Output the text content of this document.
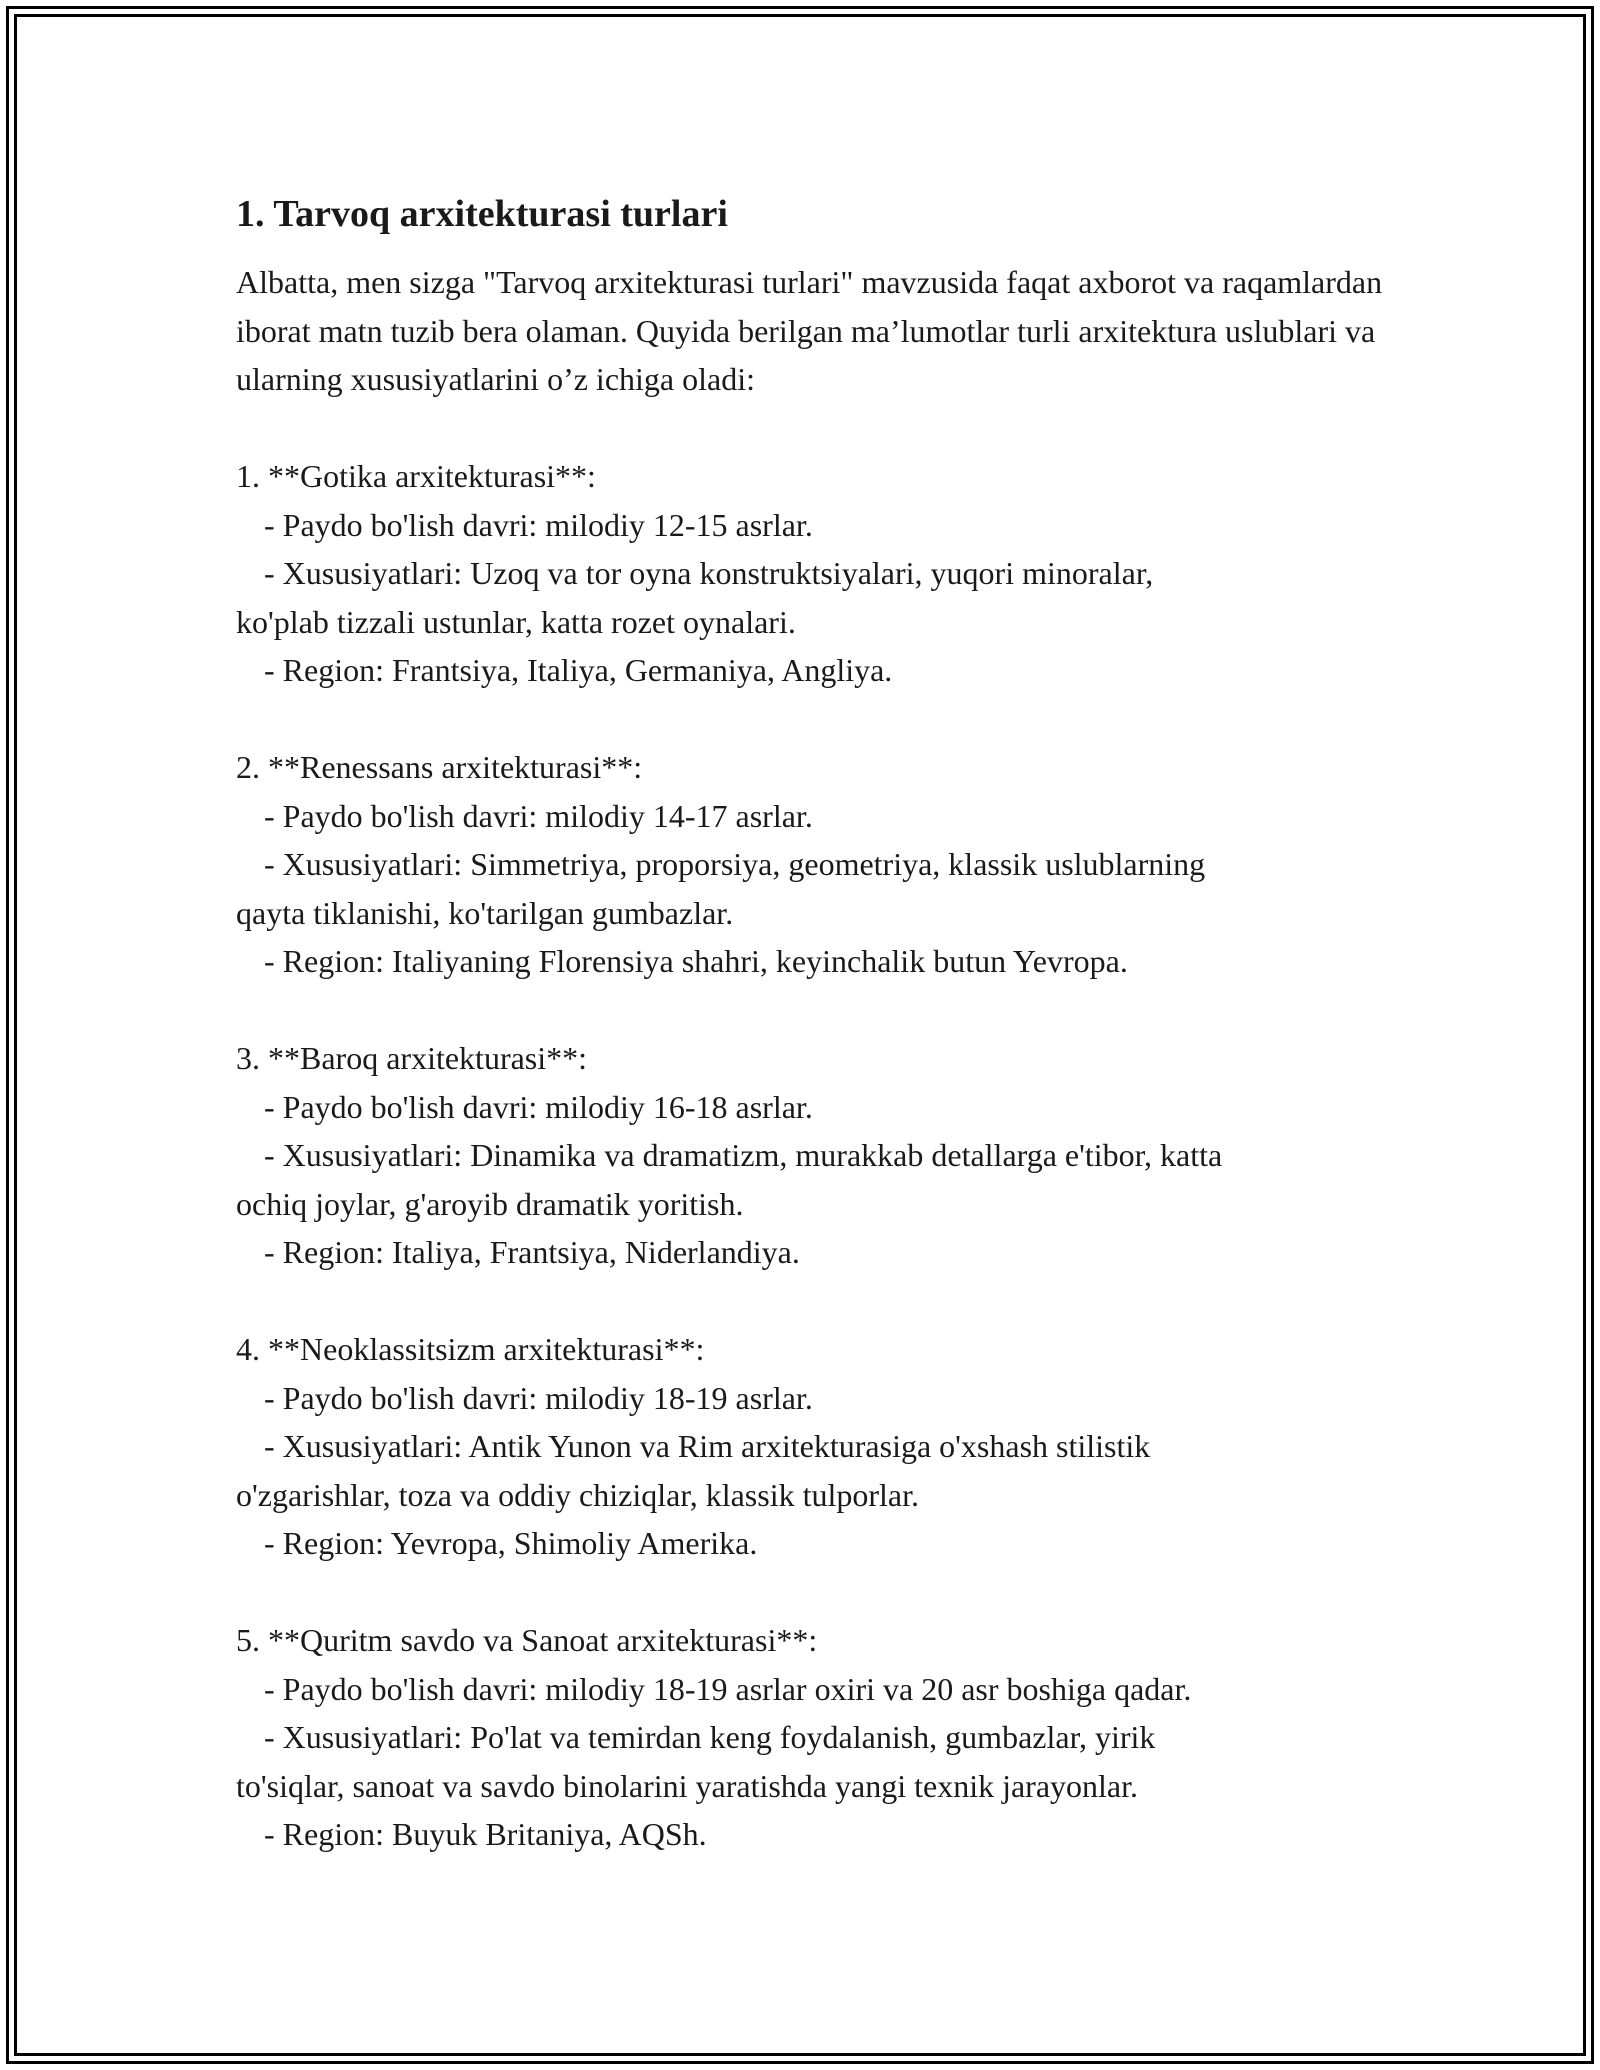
1. Tarvoq arxitekturasi turlari

Albatta, men sizga "Tarvoq arxitekturasi turlari" mavzusida faqat axborot va raqamlardan iborat matn tuzib bera olaman. Quyida berilgan ma’lumotlar turli arxitektura uslublari va ularning xususiyatlarini o’z ichiga oladi:

1. **Gotika arxitekturasi**:
- Paydo bo'lish davri: milodiy 12-15 asrlar.
- Xususiyatlari: Uzoq va tor oyna konstruktsiyalari, yuqori minoralar,
ko'plab tizzali ustunlar, katta rozet oynalari.
- Region: Frantsiya, Italiya, Germaniya, Angliya.
2. **Renessans arxitekturasi**:
- Paydo bo'lish davri: milodiy 14-17 asrlar.
- Xususiyatlari: Simmetriya, proporsiya, geometriya, klassik uslublarning
qayta tiklanishi, ko'tarilgan gumbazlar.
- Region: Italiyaning Florensiya shahri, keyinchalik butun Yevropa.
3. **Baroq arxitekturasi**:
- Paydo bo'lish davri: milodiy 16-18 asrlar.
- Xususiyatlari: Dinamika va dramatizm, murakkab detallarga e'tibor, katta
ochiq joylar, g'aroyib dramatik yoritish.
- Region: Italiya, Frantsiya, Niderlandiya.
4. **Neoklassitsizm arxitekturasi**:
- Paydo bo'lish davri: milodiy 18-19 asrlar.
- Xususiyatlari: Antik Yunon va Rim arxitekturasiga o'xshash stilistik
o'zgarishlar, toza va oddiy chiziqlar, klassik tulporlar.
- Region: Yevropa, Shimoliy Amerika.
5. **Quritm savdo va Sanoat arxitekturasi**:
- Paydo bo'lish davri: milodiy 18-19 asrlar oxiri va 20 asr boshiga qadar.
- Xususiyatlari: Po'lat va temirdan keng foydalanish, gumbazlar, yirik
to'siqlar, sanoat va savdo binolarini yaratishda yangi texnik jarayonlar.
- Region: Buyuk Britaniya, AQSh.
